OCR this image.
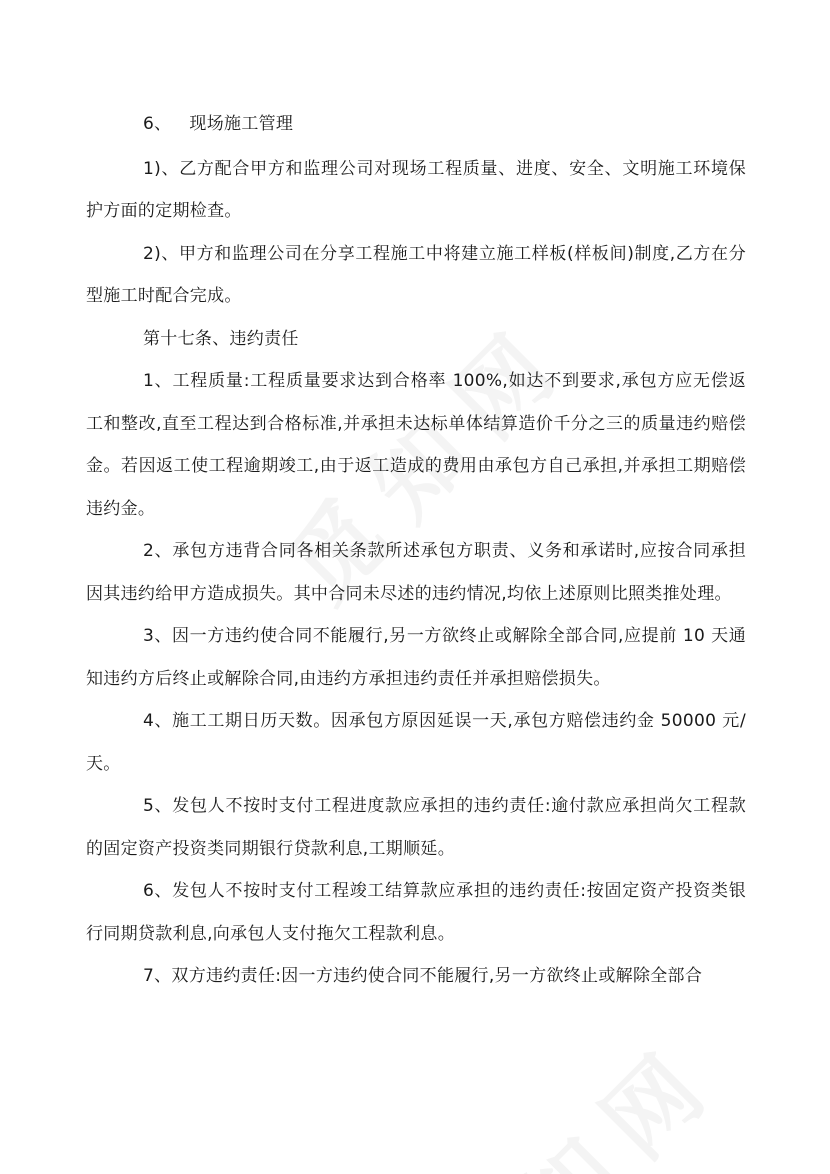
6、 现场施工管理

1)、乙方配合甲方和监理公司对现场工程质量、进度、安全、文明施工环境保护方面的定期检查。

2)、甲方和监理公司在分享工程施工中将建立施工样板(样板间)制度,乙方在分型施工时配合完成。

第十七条、违约责任

1、工程质量:工程质量要求达到合格率 100%,如达不到要求,承包方应无偿返工和整改,直至工程达到合格标准,并承担未达标单体结算造价千分之三的质量违约赔偿金。若因返工使工程逾期竣工,由于返工造成的费用由承包方自己承担,并承担工期赔偿违约金。

2、承包方违背合同各相关条款所述承包方职责、义务和承诺时,应按合同承担因其违约给甲方造成损失。其中合同未尽述的违约情况,均依上述原则比照类推处理。

3、因一方违约使合同不能履行,另一方欲终止或解除全部合同,应提前 10 天通知违约方后终止或解除合同,由违约方承担违约责任并承担赔偿损失。

4、施工工期日历天数。因承包方原因延误一天,承包方赔偿违约金 50000 元/天。

5、发包人不按时支付工程进度款应承担的违约责任:逾付款应承担尚欠工程款的固定资产投资类同期银行贷款利息,工期顺延。

6、发包人不按时支付工程竣工结算款应承担的违约责任:按固定资产投资类银行同期贷款利息,向承包人支付拖欠工程款利息。

7、双方违约责任:因一方违约使合同不能履行,另一方欲终止或解除全部合
